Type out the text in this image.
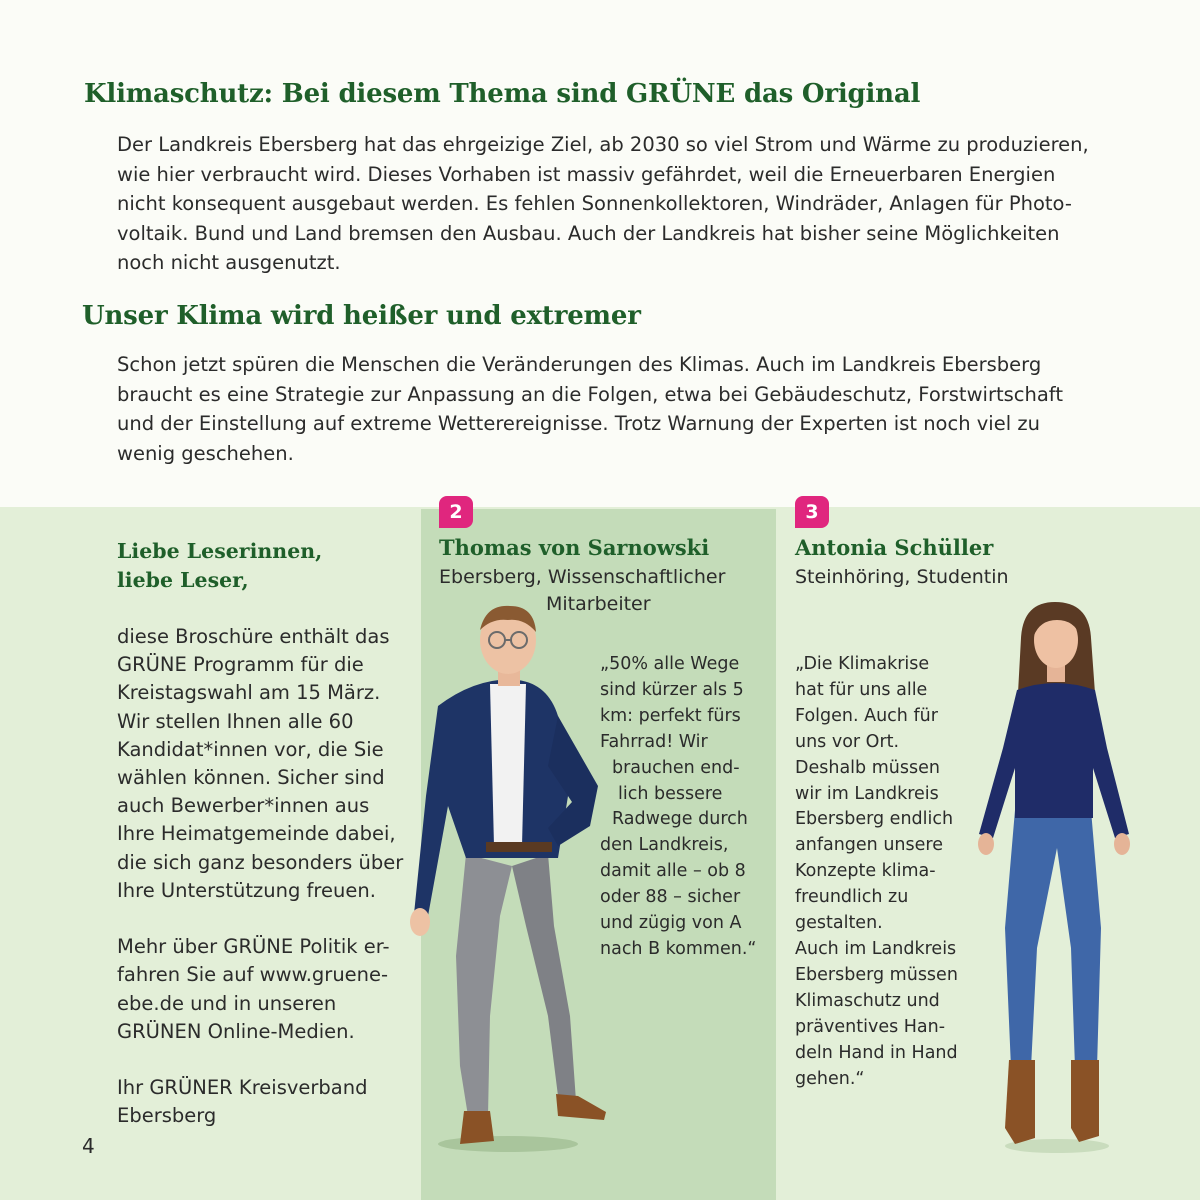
Klimaschutz: Bei diesem Thema sind GRÜNE das Original

Der Landkreis Ebersberg hat das ehrgeizige Ziel, ab 2030 so viel Strom und Wärme zu produzieren,
wie hier verbraucht wird. Dieses Vorhaben ist massiv gefährdet, weil die Erneuerbaren Energien
nicht konsequent ausgebaut werden. Es fehlen Sonnenkollektoren, Windräder, Anlagen für Photo-
voltaik. Bund und Land bremsen den Ausbau. Auch der Landkreis hat bisher seine Möglichkeiten
noch nicht ausgenutzt.

Unser Klima wird heißer und extremer

Schon jetzt spüren die Menschen die Veränderungen des Klimas. Auch im Landkreis Ebersberg
braucht es eine Strategie zur Anpassung an die Folgen, etwa bei Gebäudeschutz, Forstwirtschaft
und der Einstellung auf extreme Wetterereignisse. Trotz Warnung der Experten ist noch viel zu
wenig geschehen.

Liebe Leserinnen,
liebe Leser,
diese Broschüre enthält das
GRÜNE Programm für die
Kreistagswahl am 15 März.
Wir stellen Ihnen alle 60
Kandidat*innen vor, die Sie
wählen können. Sicher sind
auch Bewerber*innen aus
Ihre Heimatgemeinde dabei,
die sich ganz besonders über
Ihre Unterstützung freuen.

Mehr über GRÜNE Politik er-
fahren Sie auf www.gruene-
ebe.de und in unseren
GRÜNEN Online-Medien.

Ihr GRÜNER Kreisverband
Ebersberg
4
2
Thomas von Sarnowski
Ebersberg, Wissenschaftlicher
Mitarbeiter
„50% alle Wege
sind kürzer als 5
km: perfekt fürs
Fahrrad! Wir
brauchen end-
lich bessere
Radwege durch
den Landkreis,
damit alle – ob 8
oder 88 – sicher
und zügig von A
nach B kommen.“
3
Antonia Schüller
Steinhöring, Studentin
„Die Klimakrise
hat für uns alle
Folgen. Auch für
uns vor Ort.
Deshalb müssen
wir im Landkreis
Ebersberg endlich
anfangen unsere
Konzepte klima-
freundlich zu
gestalten.
Auch im Landkreis
Ebersberg müssen
Klimaschutz und
präventives Han-
deln Hand in Hand
gehen.“
